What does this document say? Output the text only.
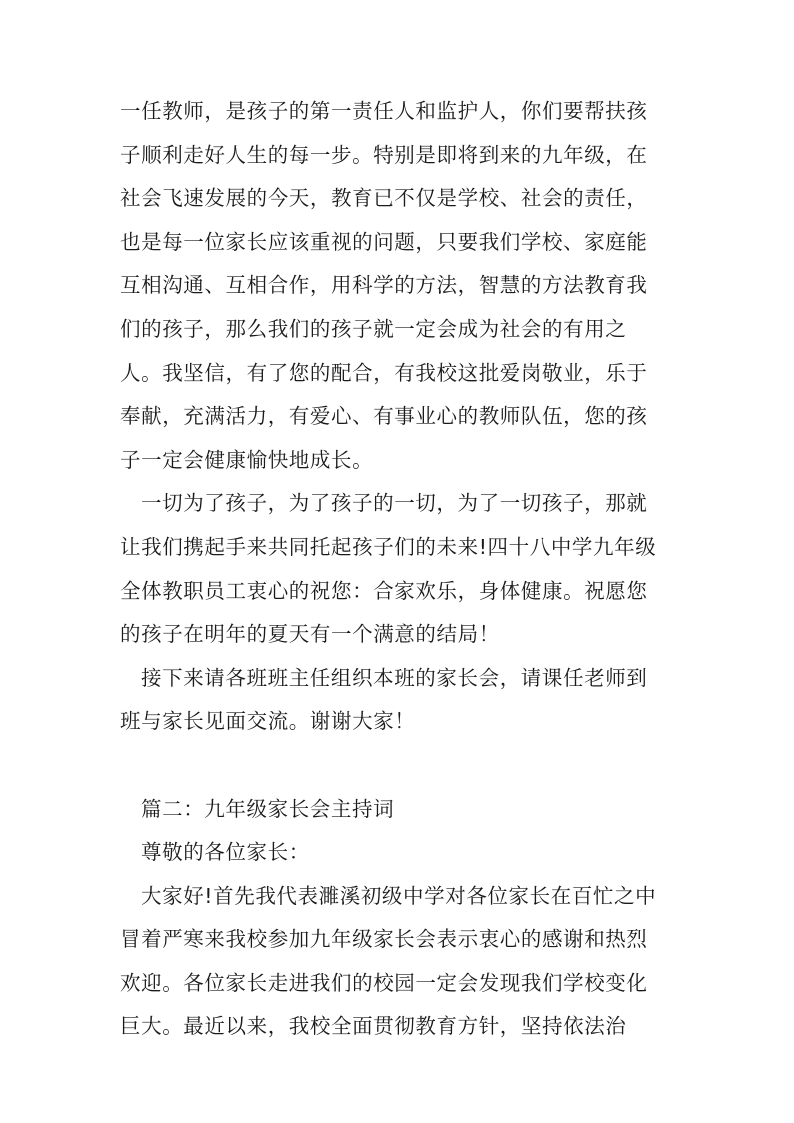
一任教师，是孩子的第一责任人和监护人，你们要帮扶孩
子顺利走好人生的每一步。特别是即将到来的九年级，在
社会飞速发展的今天，教育已不仅是学校、社会的责任，
也是每一位家长应该重视的问题，只要我们学校、家庭能
互相沟通、互相合作，用科学的方法，智慧的方法教育我
们的孩子，那么我们的孩子就一定会成为社会的有用之
人。我坚信，有了您的配合，有我校这批爱岗敬业，乐于
奉献，充满活力，有爱心、有事业心的教师队伍，您的孩
子一定会健康愉快地成长。
一切为了孩子，为了孩子的一切，为了一切孩子，那就
让我们携起手来共同托起孩子们的未来!四十八中学九年级
全体教职员工衷心的祝您：合家欢乐，身体健康。祝愿您
的孩子在明年的夏天有一个满意的结局！
接下来请各班班主任组织本班的家长会，请课任老师到
班与家长见面交流。谢谢大家！
篇二：九年级家长会主持词
尊敬的各位家长：
大家好!首先我代表濉溪初级中学对各位家长在百忙之中
冒着严寒来我校参加九年级家长会表示衷心的感谢和热烈
欢迎。各位家长走进我们的校园一定会发现我们学校变化
巨大。最近以来，我校全面贯彻教育方针，坚持依法治
